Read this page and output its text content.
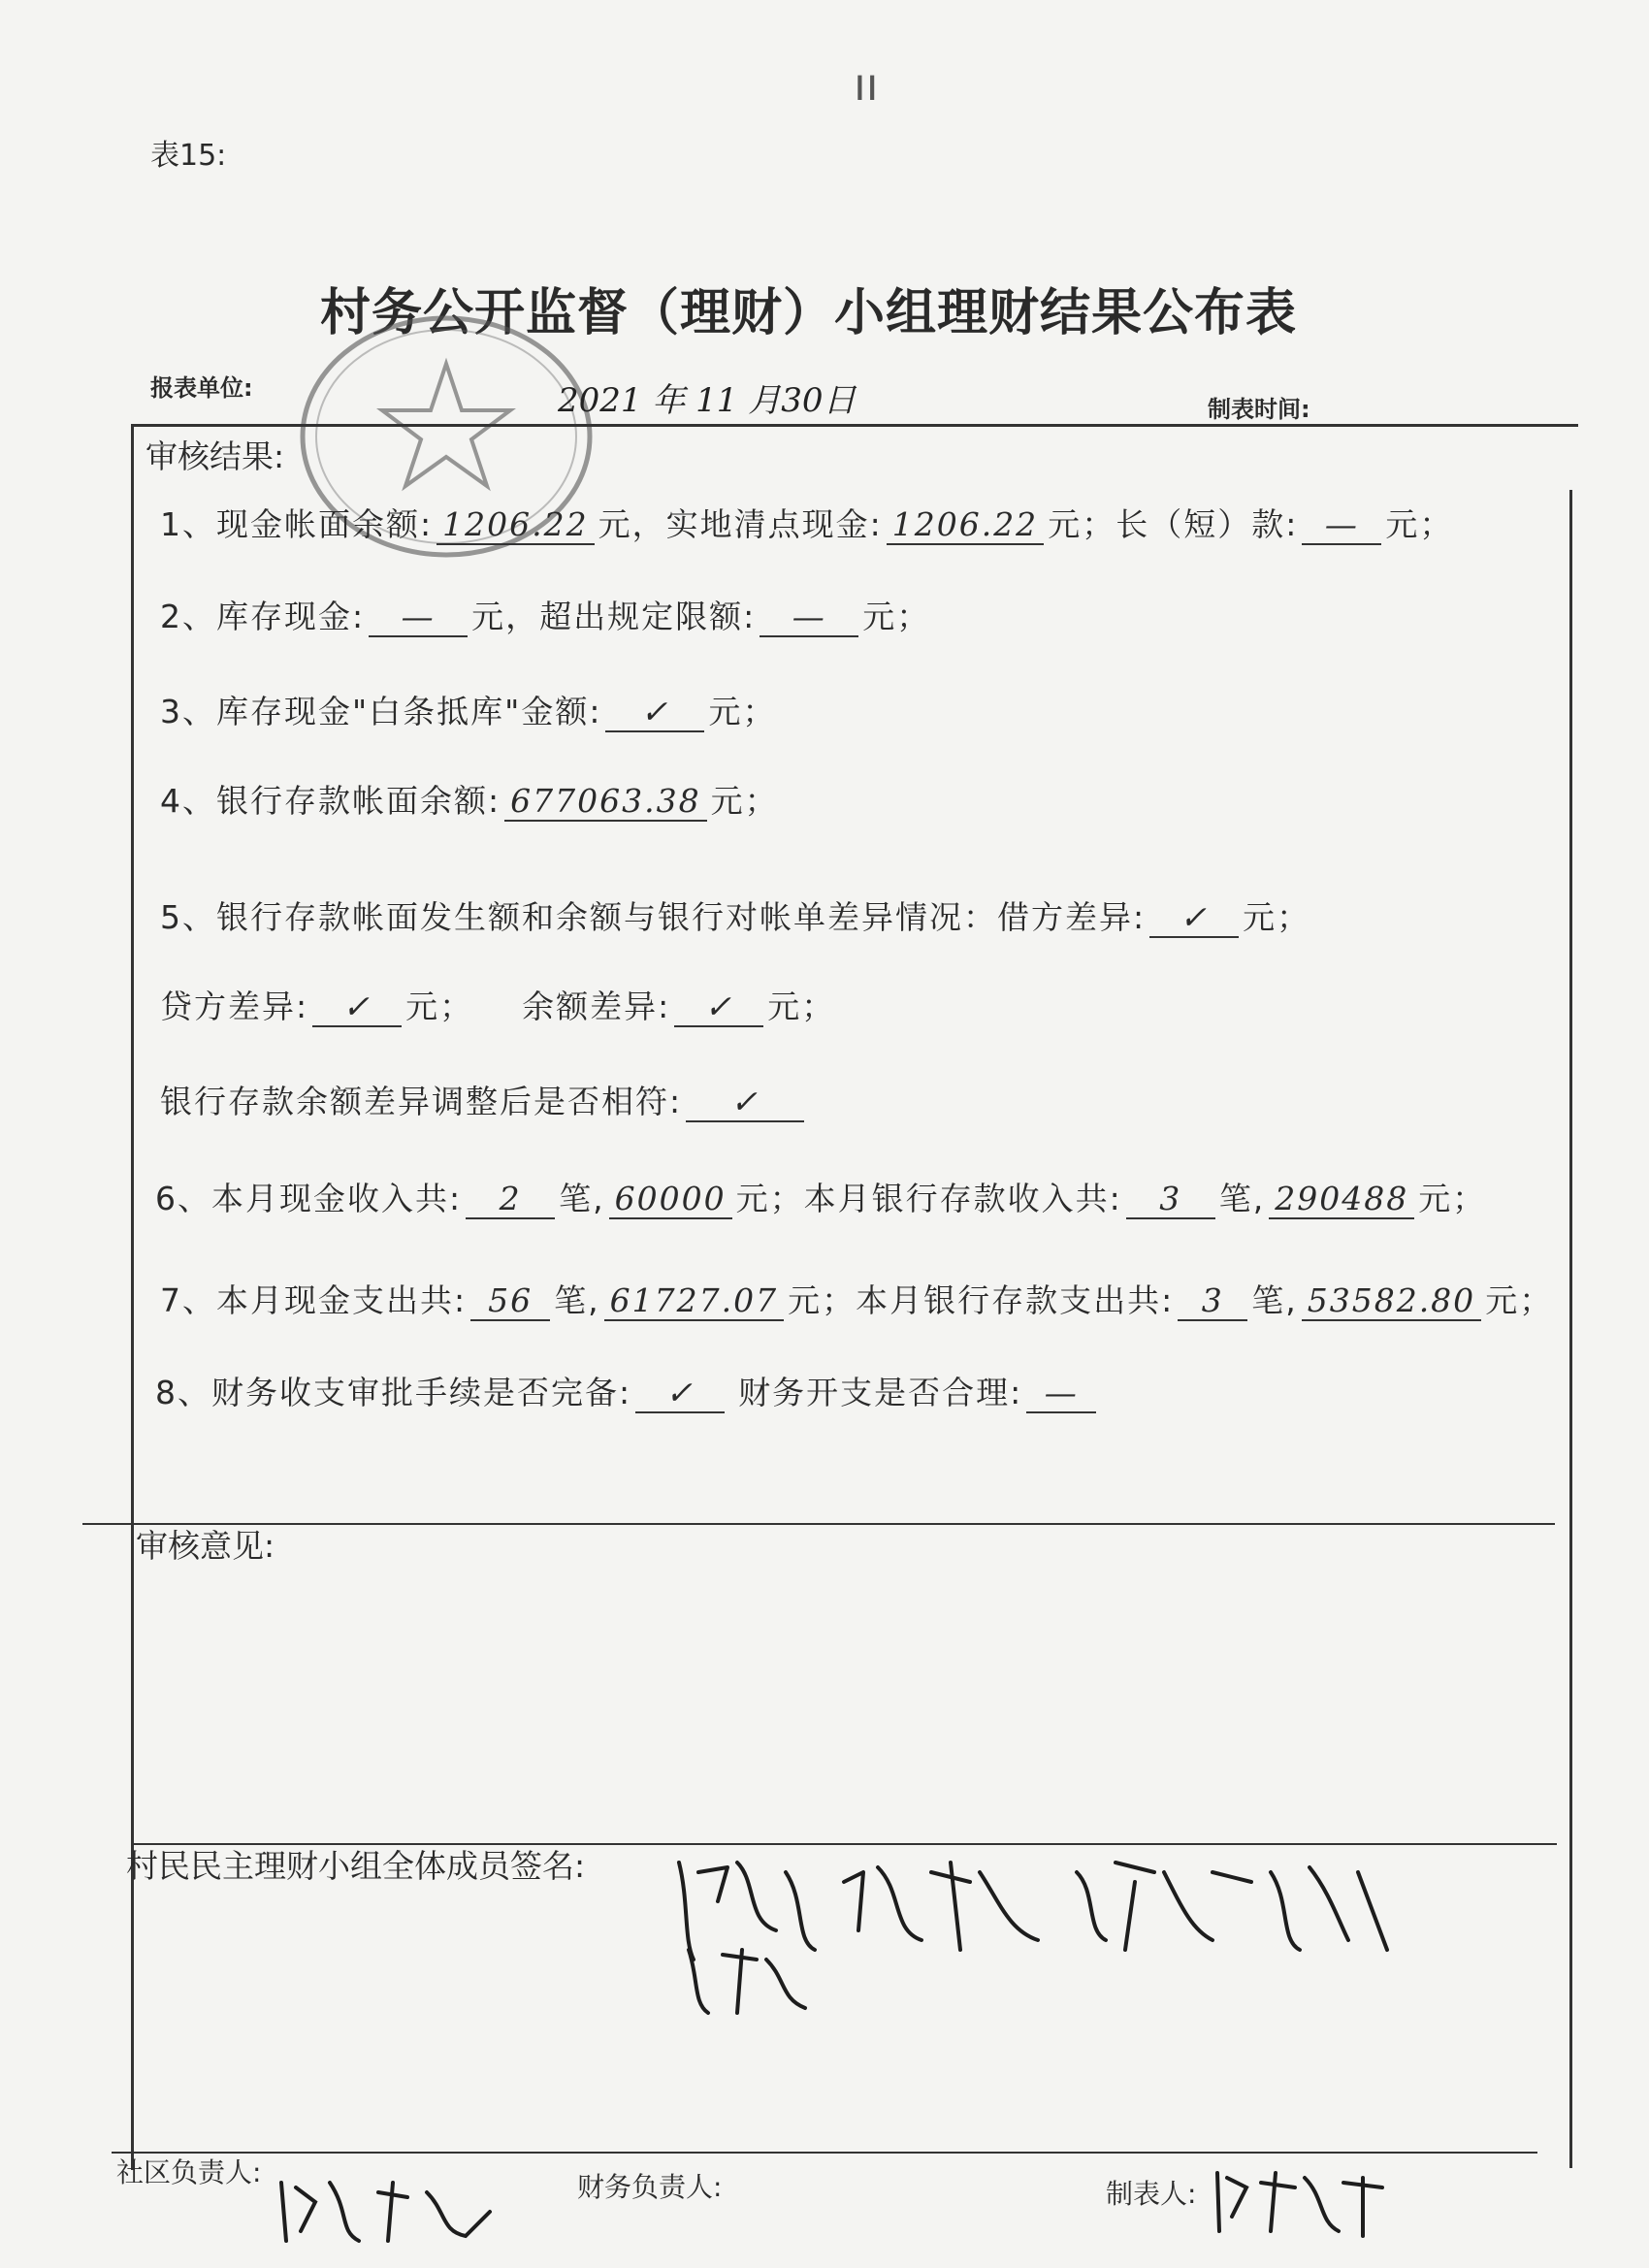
表15:
ıı
村务公开监督（理财）小组理财结果公布表
报表单位:	2021 年 11 月30日	制表时间:
审核结果:
1、现金帐面余额: 1206.22 元，实地清点现金: 1206.22 元；长（短）款: — 元；
2、库存现金: — 元，超出规定限额: — 元；
3、库存现金"白条抵库"金额: ✓ 元；
4、银行存款帐面余额: 677063.38 元；
5、银行存款帐面发生额和余额与银行对帐单差异情况：借方差异: ✓ 元；
贷方差异: ✓ 元； 余额差异: ✓ 元；
银行存款余额差异调整后是否相符: ✓
6、本月现金收入共: 2 笔, 60000 元；本月银行存款收入共: 3 笔, 290488 元；
7、本月现金支出共: 56 笔, 61727.07 元；本月银行存款支出共: 3 笔, 53582.80 元；
8、财务收支审批手续是否完备: ✓ 财务开支是否合理: —
审核意见:
村民民主理财小组全体成员签名:
社区负责人:	财务负责人:	制表人:
